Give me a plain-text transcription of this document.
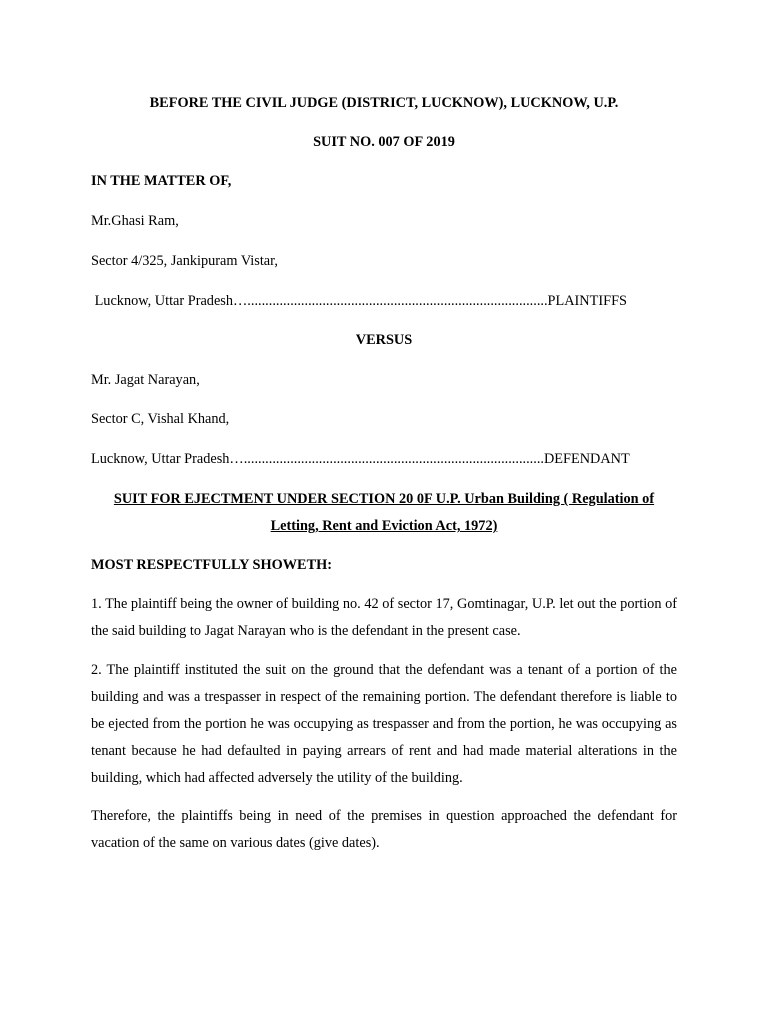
BEFORE THE CIVIL JUDGE (DISTRICT, LUCKNOW), LUCKNOW, U.P.
SUIT NO. 007 OF 2019
IN THE MATTER OF,
Mr.Ghasi Ram,
Sector 4/325, Jankipuram Vistar,
Lucknow, Uttar Pradesh…....................................................................................PLAINTIFFS
VERSUS
Mr. Jagat Narayan,
Sector C, Vishal Khand,
Lucknow, Uttar Pradesh…....................................................................................DEFENDANT
SUIT FOR EJECTMENT UNDER SECTION 20 0F U.P. Urban Building ( Regulation of
Letting, Rent and Eviction Act, 1972)
MOST RESPECTFULLY SHOWETH:

1. The plaintiff being the owner of building no. 42 of sector 17, Gomtinagar, U.P. let out the portion of the said building to Jagat Narayan who is the defendant in the present case.

2. The plaintiff instituted the suit on the ground that the defendant was a tenant of a portion of the building and was a trespasser in respect of the remaining portion. The defendant therefore is liable to be ejected from the portion he was occupying as trespasser and from the portion, he was occupying as tenant because he had defaulted in paying arrears of rent and had made material alterations in the building, which had affected adversely the utility of the building.

Therefore, the plaintiffs being in need of the premises in question approached the defendant for vacation of the same on various dates (give dates).
